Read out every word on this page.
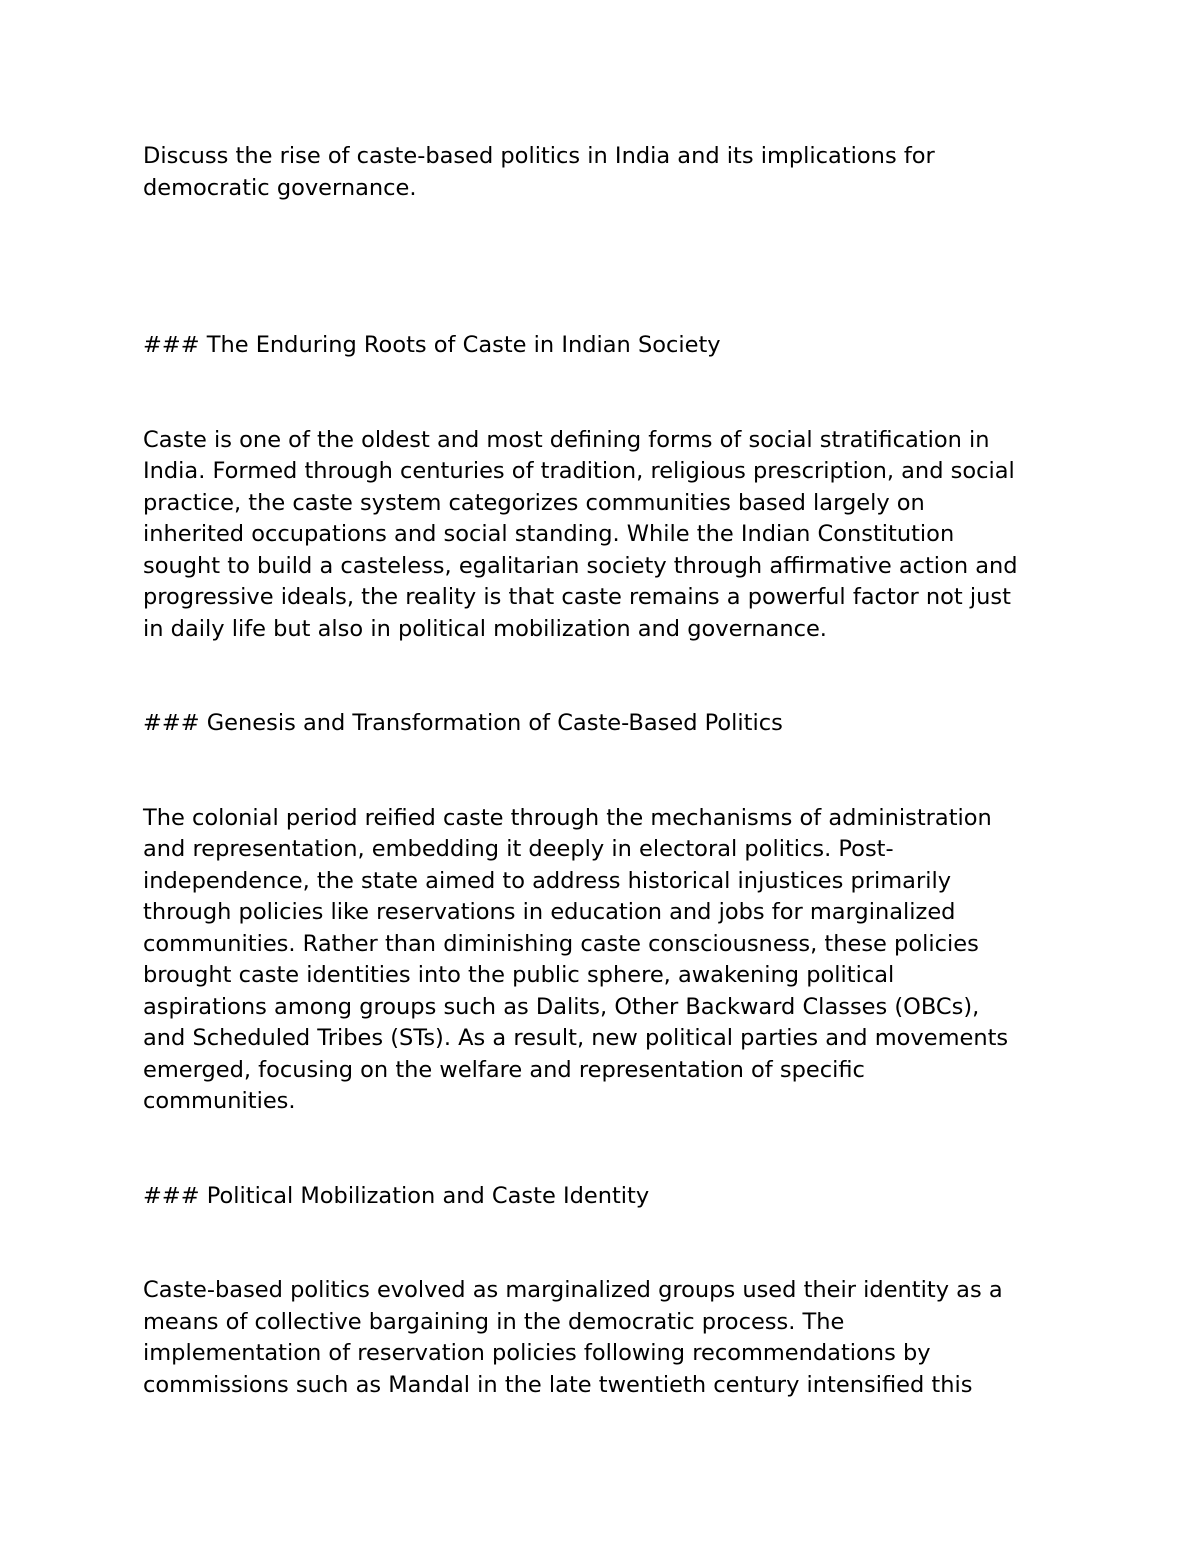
Discuss the rise of caste-based politics in India and its implications for
democratic governance.

### The Enduring Roots of Caste in Indian Society

Caste is one of the oldest and most defining forms of social stratification in
India. Formed through centuries of tradition, religious prescription, and social
practice, the caste system categorizes communities based largely on
inherited occupations and social standing. While the Indian Constitution
sought to build a casteless, egalitarian society through affirmative action and
progressive ideals, the reality is that caste remains a powerful factor not just
in daily life but also in political mobilization and governance.

### Genesis and Transformation of Caste-Based Politics

The colonial period reified caste through the mechanisms of administration
and representation, embedding it deeply in electoral politics. Post-
independence, the state aimed to address historical injustices primarily
through policies like reservations in education and jobs for marginalized
communities. Rather than diminishing caste consciousness, these policies
brought caste identities into the public sphere, awakening political
aspirations among groups such as Dalits, Other Backward Classes (OBCs),
and Scheduled Tribes (STs). As a result, new political parties and movements
emerged, focusing on the welfare and representation of specific
communities.

### Political Mobilization and Caste Identity

Caste-based politics evolved as marginalized groups used their identity as a
means of collective bargaining in the democratic process. The
implementation of reservation policies following recommendations by
commissions such as Mandal in the late twentieth century intensified this
